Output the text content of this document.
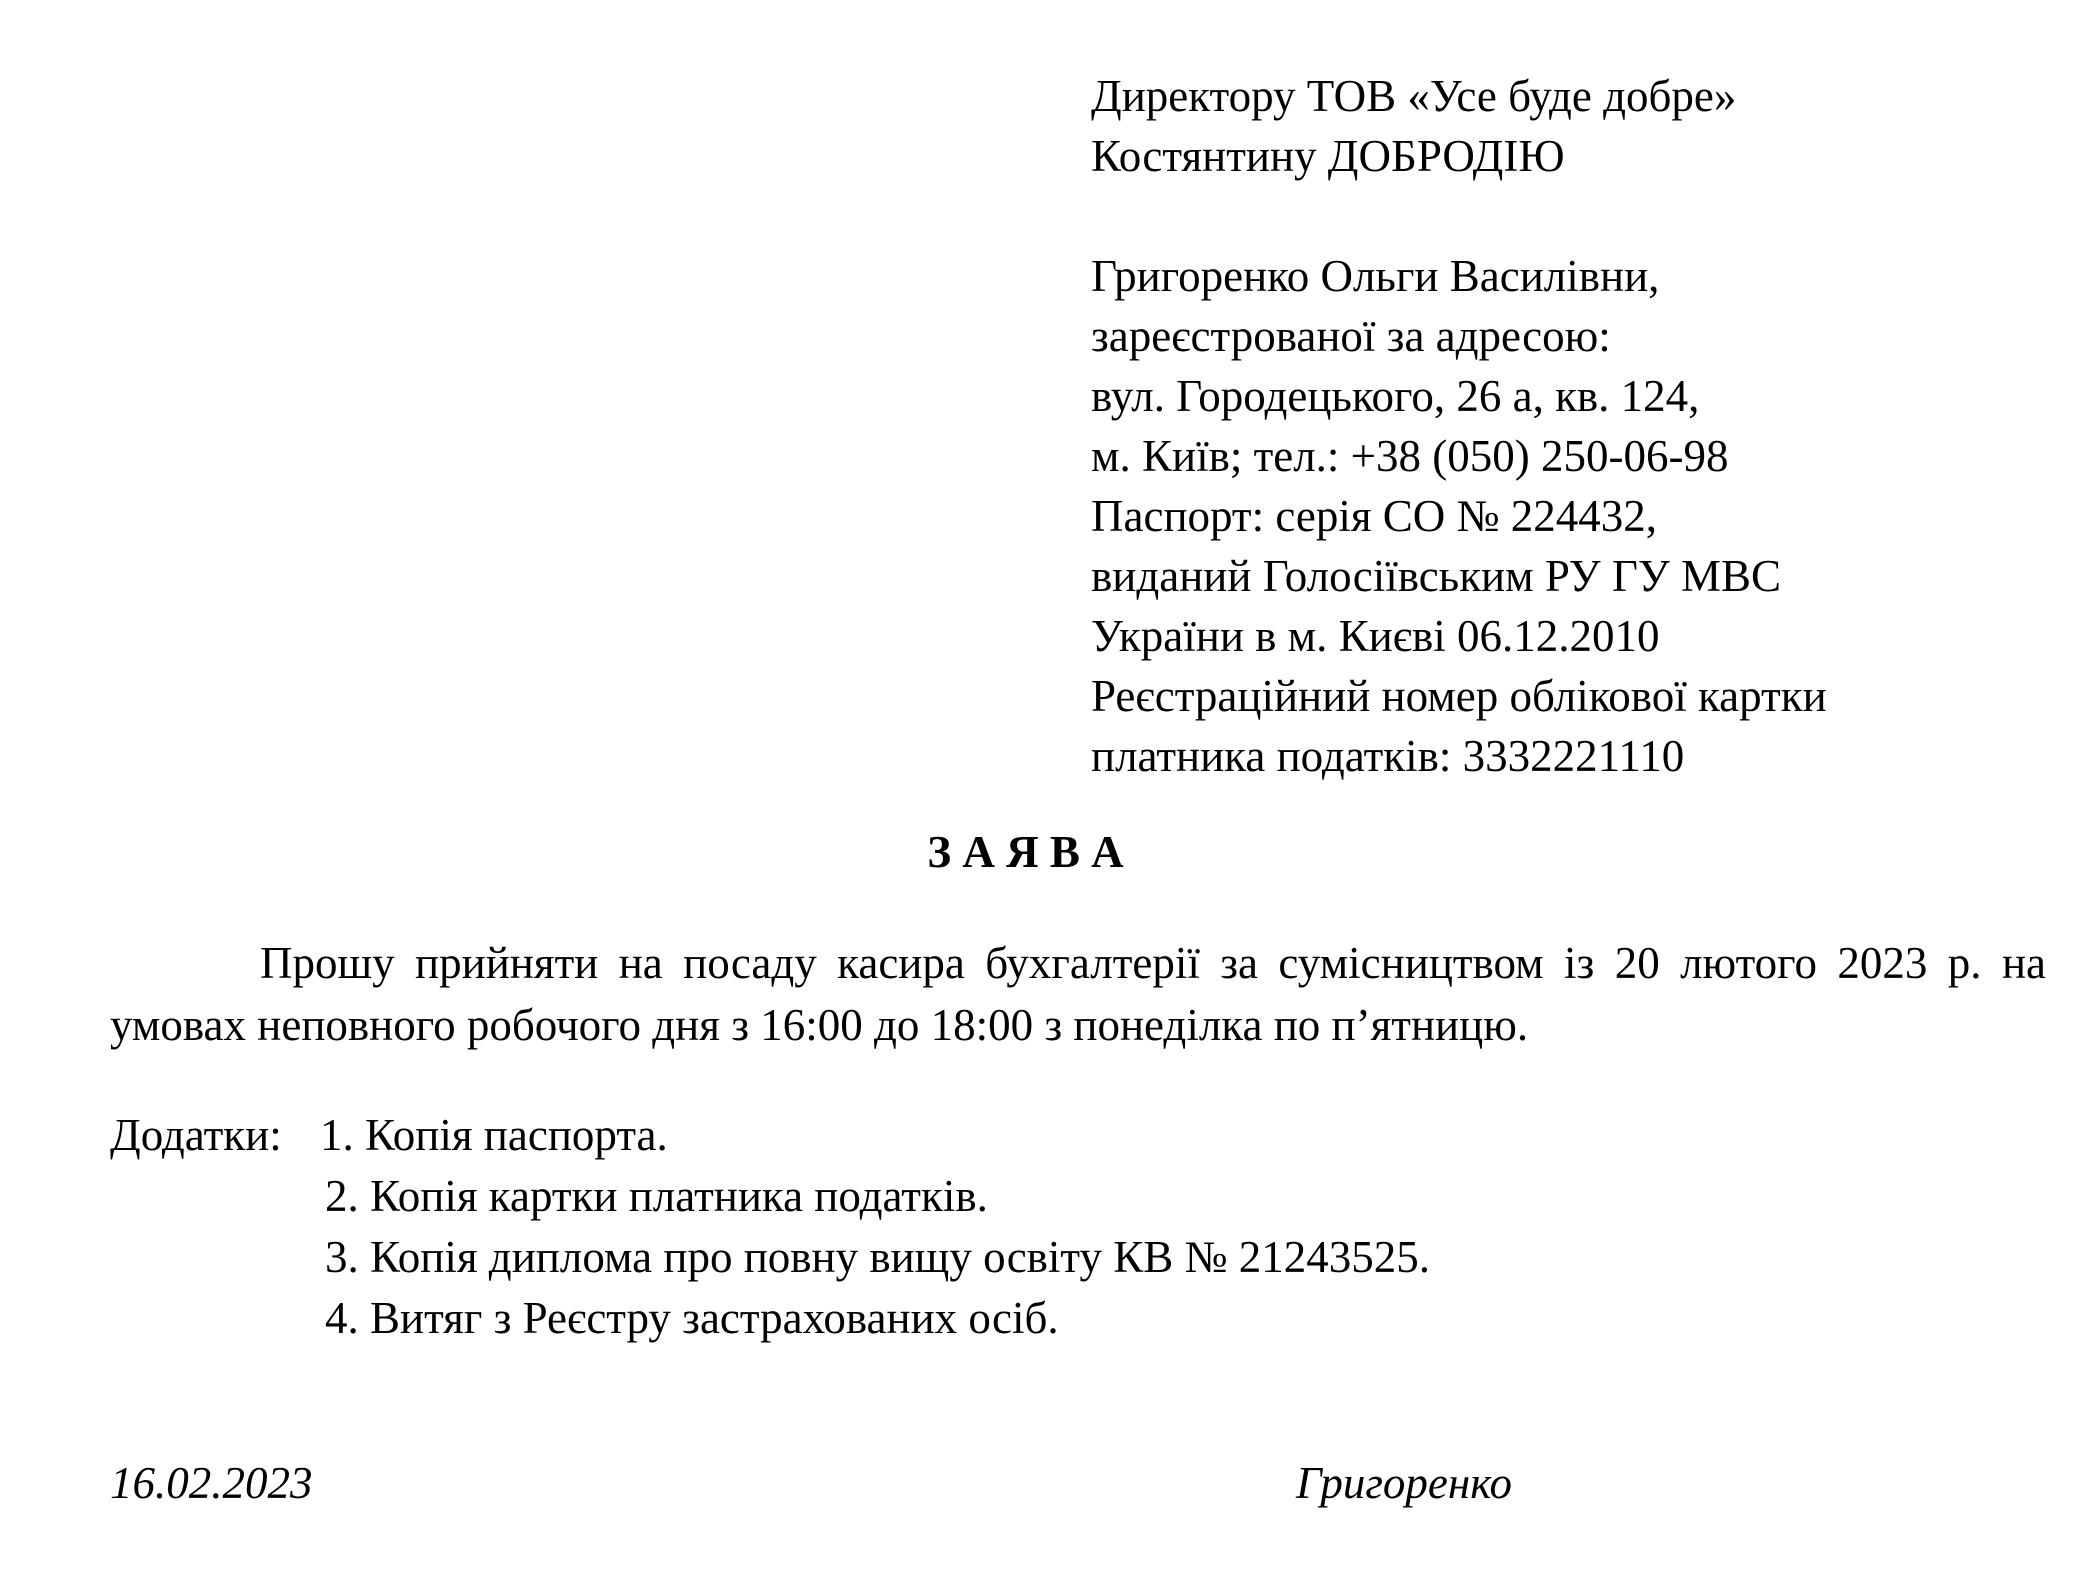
Директору ТОВ «Усе буде добре»
Костянтину ДОБРОДІЮ
Григоренко Ольги Василівни,
зареєстрованої за адресою:
вул. Городецького, 26 а, кв. 124,
м. Київ; тел.: +38 (050) 250-06-98
Паспорт: серія СО № 224432,
виданий Голосіївським РУ ГУ МВС
України в м. Києві 06.12.2010
Реєстраційний номер облікової картки
платника податків: 3332221110
З А Я В А
Прошу прийняти на посаду касира бухгалтерії за сумісництвом із 20 лютого 2023 р. на умовах неповного робочого дня з 16:00 до 18:00 з понеділка по п’ятницю.
Додатки: 1. Копія паспорта.
2. Копія картки платника податків.
3. Копія диплома про повну вищу освіту КВ № 21243525.
4. Витяг з Реєстру застрахованих осіб.
16.02.2023	Григоренко
